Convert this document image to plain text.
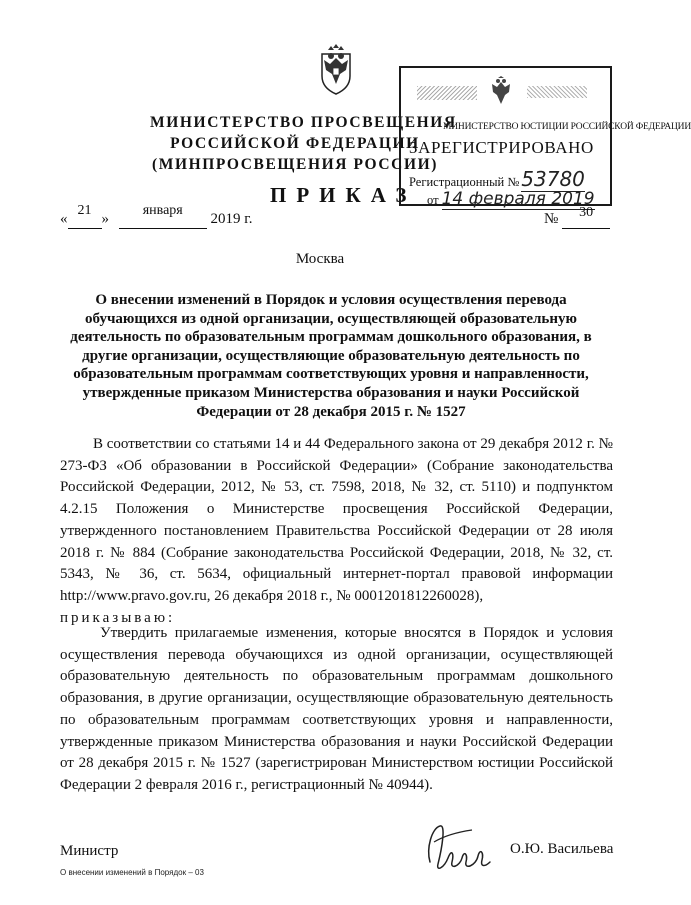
МИНИСТЕРСТВО ПРОСВЕЩЕНИЯ
РОССИЙСКОЙ ФЕДЕРАЦИИ
(МИНПРОСВЕЩЕНИЯ РОССИИ)
ПРИКАЗ
МИНИСТЕРСТВО ЮСТИЦИИ РОССИЙСКОЙ ФЕДЕРАЦИИ
ЗАРЕГИСТРИРОВАНО
Регистрационный № 53780
от 14 февраля 2019
«21» января 2019 г.	№ 30
Москва
О внесении изменений в Порядок и условия осуществления перевода обучающихся из одной организации, осуществляющей образовательную деятельность по образовательным программам дошкольного образования, в другие организации, осуществляющие образовательную деятельность по образовательным программам соответствующих уровня и направленности, утвержденные приказом Министерства образования и науки Российской Федерации от 28 декабря 2015 г. № 1527
В соответствии со статьями 14 и 44 Федерального закона от 29 декабря 2012 г. № 273-ФЗ «Об образовании в Российской Федерации» (Собрание законодательства Российской Федерации, 2012, № 53, ст. 7598, 2018, № 32, ст. 5110) и подпунктом 4.2.15 Положения о Министерстве просвещения Российской Федерации, утвержденного постановлением Правительства Российской Федерации от 28 июля 2018 г. № 884 (Собрание законодательства Российской Федерации, 2018, № 32, ст. 5343, № 36, ст. 5634, официальный интернет-портал правовой информации http://www.pravo.gov.ru, 26 декабря 2018 г., № 0001201812260028),
приказываю:
Утвердить прилагаемые изменения, которые вносятся в Порядок и условия осуществления перевода обучающихся из одной организации, осуществляющей образовательную деятельность по образовательным программам дошкольного образования, в другие организации, осуществляющие образовательную деятельность по образовательным программам соответствующих уровня и направленности, утвержденные приказом Министерства образования и науки Российской Федерации от 28 декабря 2015 г. № 1527 (зарегистрирован Министерством юстиции Российской Федерации 2 февраля 2016 г., регистрационный № 40944).
Министр	О.Ю. Васильева
О внесении изменений в Порядок – 03
